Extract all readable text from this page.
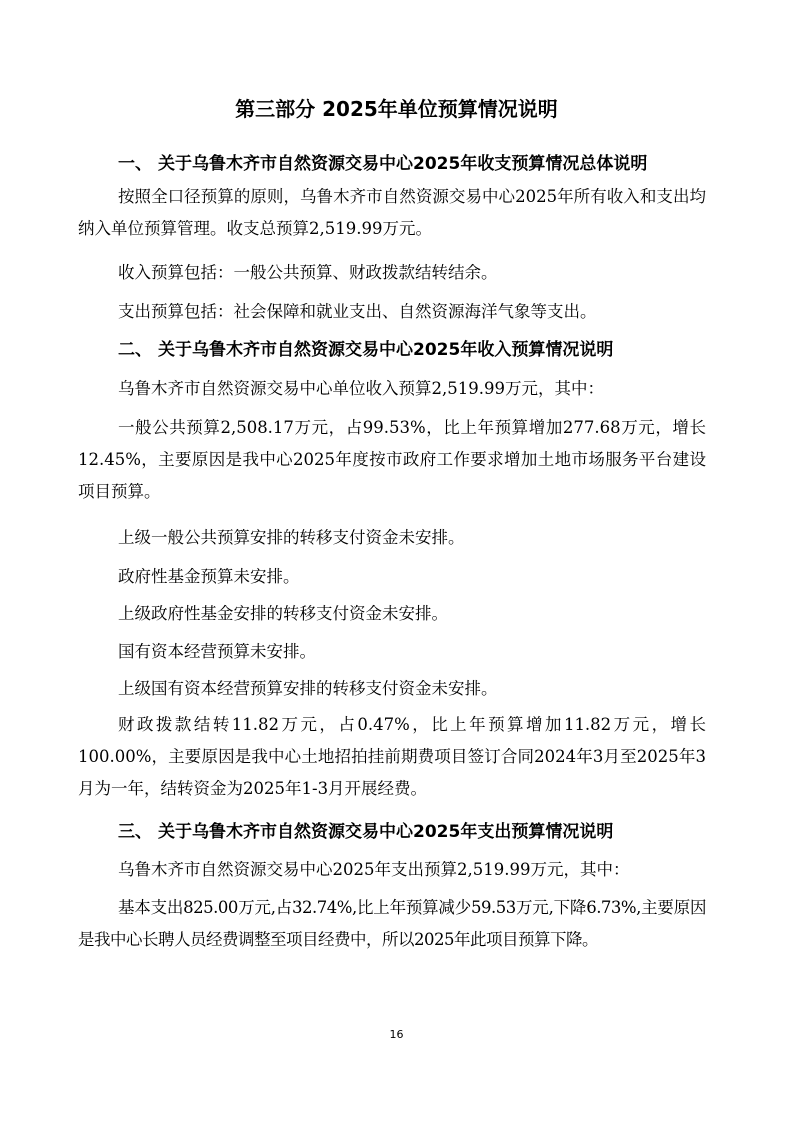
第三部分 2025年单位预算情况说明
一、 关于乌鲁木齐市自然资源交易中心2025年收支预算情况总体说明
按照全口径预算的原则，乌鲁木齐市自然资源交易中心2025年所有收入和支出均纳入单位预算管理。收支总预算2,519.99万元。
收入预算包括：一般公共预算、财政拨款结转结余。
支出预算包括：社会保障和就业支出、自然资源海洋气象等支出。
二、 关于乌鲁木齐市自然资源交易中心2025年收入预算情况说明
乌鲁木齐市自然资源交易中心单位收入预算2,519.99万元，其中：
一般公共预算2,508.17万元，占99.53%，比上年预算增加277.68万元，增长12.45%，主要原因是我中心2025年度按市政府工作要求增加土地市场服务平台建设项目预算。
上级一般公共预算安排的转移支付资金未安排。
政府性基金预算未安排。
上级政府性基金安排的转移支付资金未安排。
国有资本经营预算未安排。
上级国有资本经营预算安排的转移支付资金未安排。
财政拨款结转11.82万元，占0.47%，比上年预算增加11.82万元，增长100.00%，主要原因是我中心土地招拍挂前期费项目签订合同2024年3月至2025年3月为一年，结转资金为2025年1-3月开展经费。
三、 关于乌鲁木齐市自然资源交易中心2025年支出预算情况说明
乌鲁木齐市自然资源交易中心2025年支出预算2,519.99万元，其中：
基本支出825.00万元,占32.74%,比上年预算减少59.53万元,下降6.73%,主要原因是我中心长聘人员经费调整至项目经费中，所以2025年此项目预算下降。
16
